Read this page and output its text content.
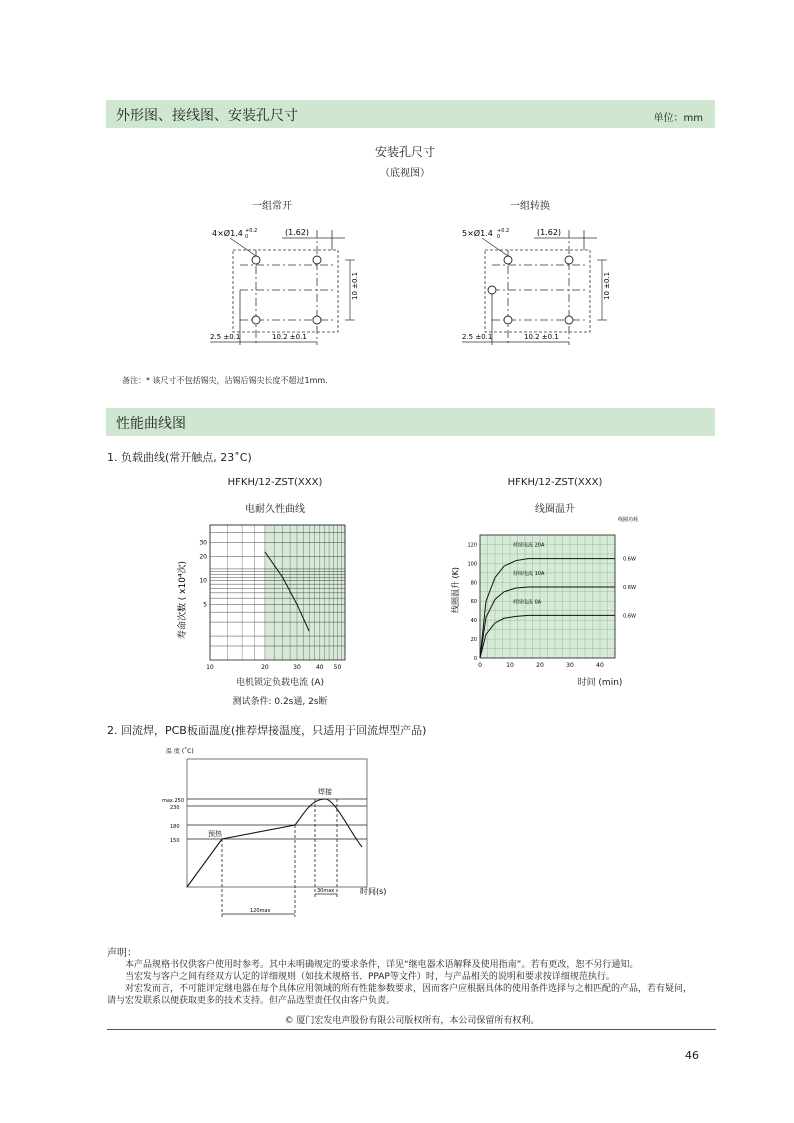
外形图、接线图、安装孔尺寸	单位：mm
安装孔尺寸
（底视图）
一组常开
4×Ø1.4 +0.2
0	(1.62)
10 ±0.1
2.5 ±0.1	10.2 ±0.1
一组转换
5×Ø1.4 +0.2
0	(1.62)
10 ±0.1
2.5 ±0.1	10.2 ±0.1
备注：* 该尺寸不包括锡尖，沾锡后锡尖长度不超过1mm.
性能曲线图
1. 负载曲线(常开触点, 23˚C)
HFKH/12-ZST(XXX)
电耐久性曲线
寿命次数 ( x10⁴次)
10	20	30	40 50
30
20
10
5
电机锁定负载电流 (A)
测试条件: 0.2s通, 2s断
HFKH/12-ZST(XXX)
线圈温升
线圈功耗
线圈温升 (K)
0	10	20	30	40
0
20
40
60
80
100
120	持续电流 20A
0.6W
持续电流 10A
0.6W
持续电流 0A
0.6W
时间 (min)
2. 回流焊，PCB板面温度(推荐焊接温度，只适用于回流焊型产品)
温 度 (˚C)
max.250
230
180
150
预热
焊接
120max
30max	时间(s)
声明：
本产品规格书仅供客户使用时参考。其中未明确规定的要求条件，详见“继电器术语解释及使用指南”。若有更改，恕不另行通知。
当宏发与客户之间有经双方认定的详细规则（如技术规格书、PPAP等文件）时，与产品相关的说明和要求按详细规范执行。
对宏发而言，不可能评定继电器在每个具体应用领域的所有性能参数要求，因而客户应根据具体的使用条件选择与之相匹配的产品，若有疑问，
请与宏发联系以便获取更多的技术支持。但产品选型责任仅由客户负责。
© 厦门宏发电声股份有限公司版权所有，本公司保留所有权利。
46
